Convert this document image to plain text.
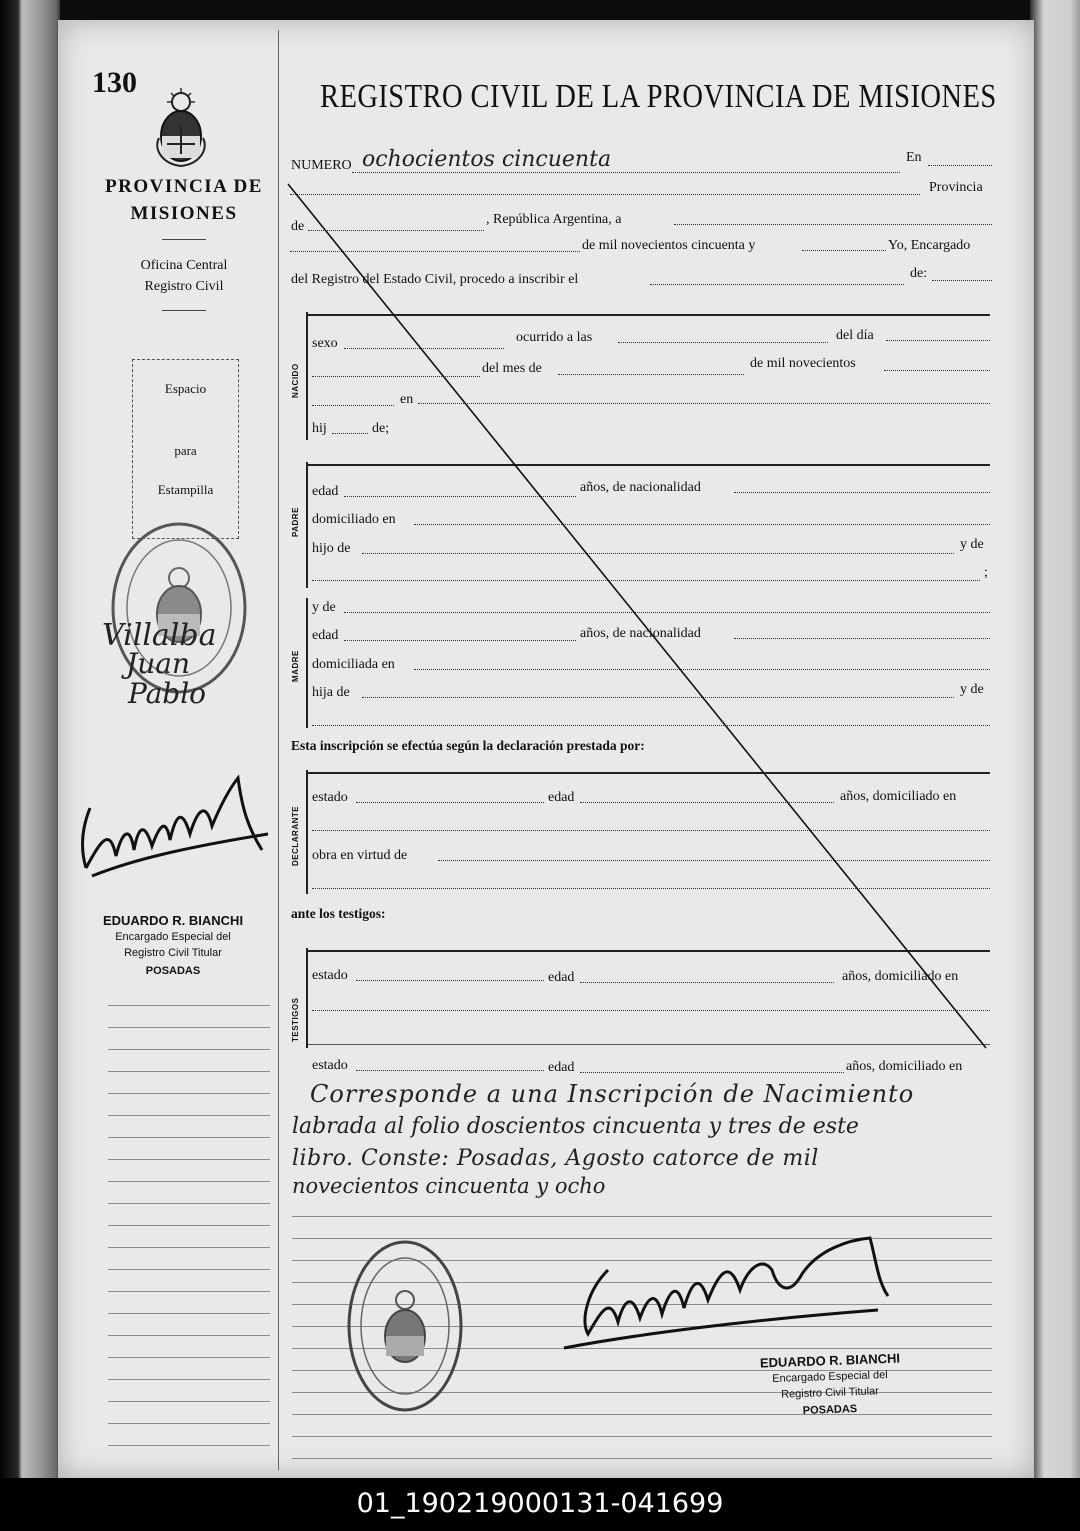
130
PROVINCIA DE
MISIONES
Oficina Central
Registro Civil
Espacio
para
Estampilla
Villalba
Juan
Pablo
EDUARDO R. BIANCHI
Encargado Especial del
Registro Civil Titular
POSADAS
REGISTRO CIVIL DE LA PROVINCIA DE MISIONES
NUMERO ochocientos cincuenta	En
Provincia
de	, República Argentina, a
de mil novecientos cincuenta y	Yo, Encargado
del Registro del Estado Civil, procedo a inscribir el	de:
NACIDO
sexo	ocurrido a las	del día
del mes de	de mil novecientos
en
hij	de;
PADRE
edad	años, de nacionalidad
domiciliado en
hijo de	y de
;
MADRE
y de
edad	años, de nacionalidad
domiciliada en
hija de	y de
Esta inscripción se efectúa según la declaración prestada por:
DECLARANTE
estado	edad	años, domiciliado en
obra en virtud de
ante los testigos:
TESTIGOS
estado	edad	años, domiciliado en
estado	edad	años, domiciliado en
Corresponde a una Inscripción de Nacimiento
labrada al folio doscientos cincuenta y tres de este
libro. Conste: Posadas, Agosto catorce de mil
novecientos cincuenta y ocho
EDUARDO R. BIANCHI
Encargado Especial del
Registro Civil Titular
POSADAS
01_190219000131-041699
